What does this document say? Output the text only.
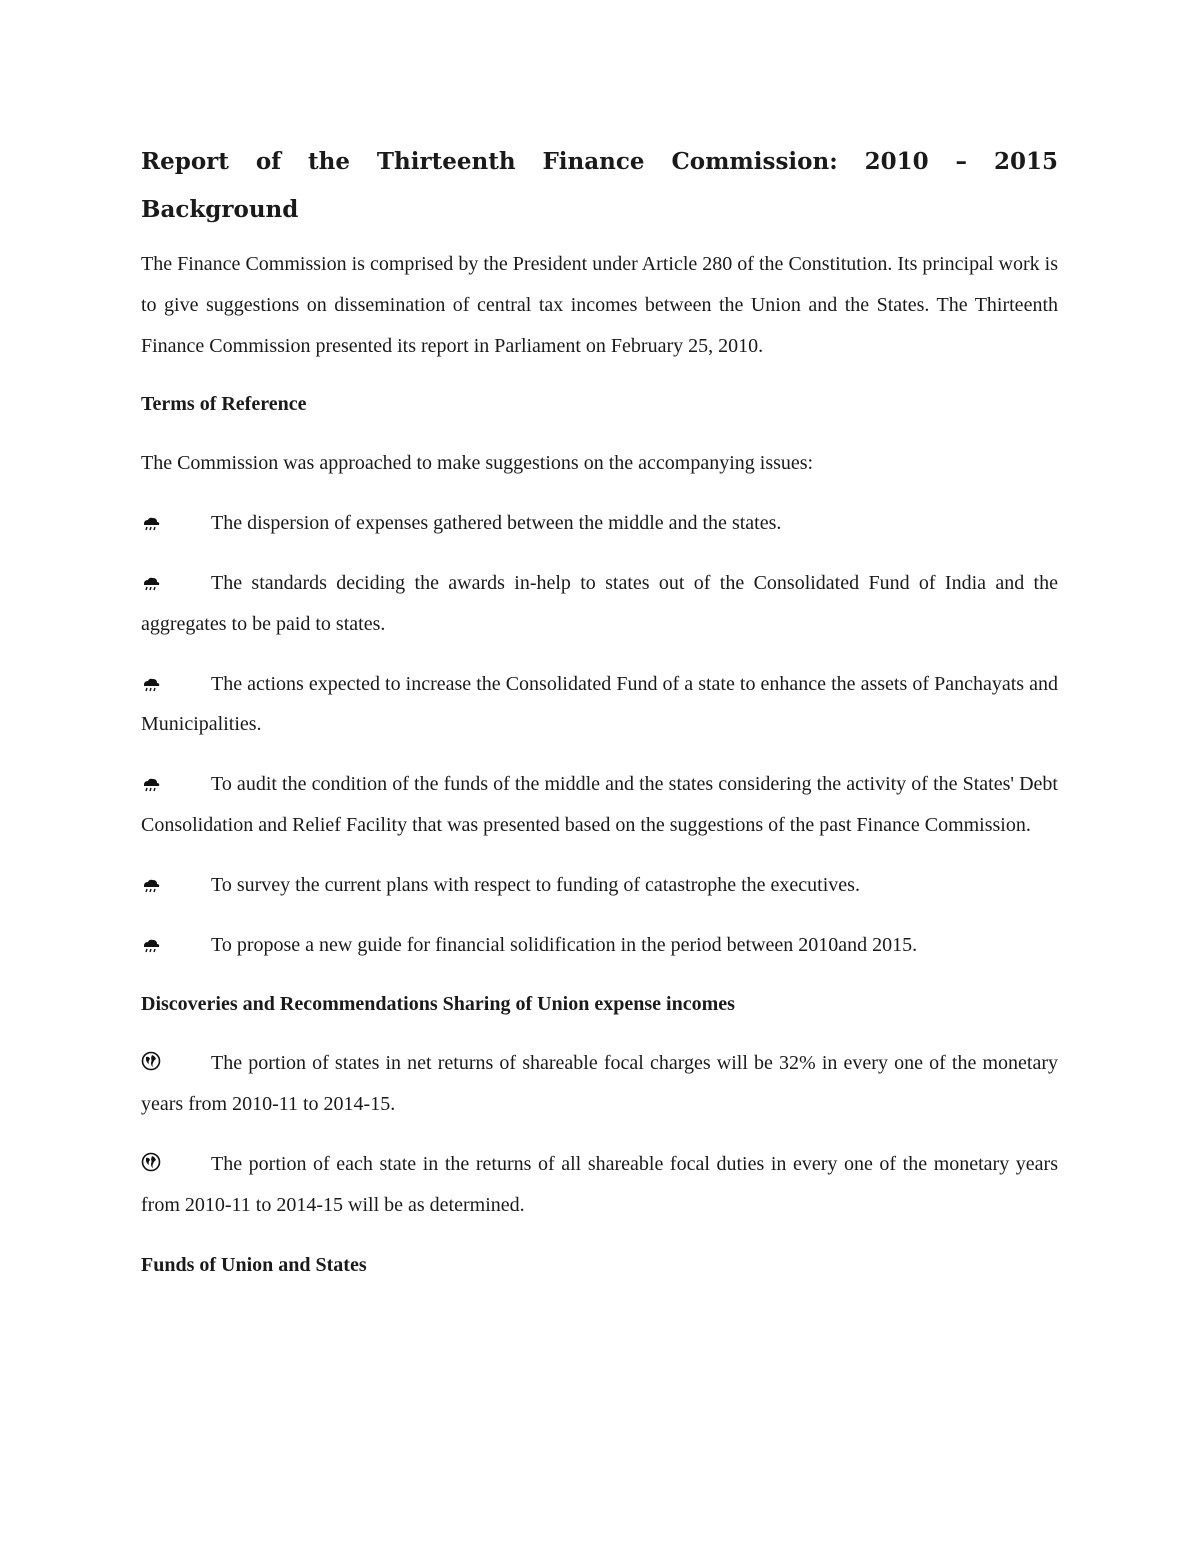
Report of the Thirteenth Finance Commission: 2010 – 2015
Background

The Finance Commission is comprised by the President under Article 280 of the Constitution. Its principal work is to give suggestions on dissemination of central tax incomes between the Union and the States. The Thirteenth Finance Commission presented its report in Parliament on February 25, 2010.

Terms of Reference

The Commission was approached to make suggestions on the accompanying issues:

The dispersion of expenses gathered between the middle and the states.

The standards deciding the awards in-help to states out of the Consolidated Fund of India and the aggregates to be paid to states.

The actions expected to increase the Consolidated Fund of a state to enhance the assets of Panchayats and Municipalities.

To audit the condition of the funds of the middle and the states considering the activity of the States' Debt Consolidation and Relief Facility that was presented based on the suggestions of the past Finance Commission.

To survey the current plans with respect to funding of catastrophe the executives.

To propose a new guide for financial solidification in the period between 2010and 2015.

Discoveries and Recommendations Sharing of Union expense incomes

The portion of states in net returns of shareable focal charges will be 32% in every one of the monetary years from 2010-11 to 2014-15.

The portion of each state in the returns of all shareable focal duties in every one of the monetary years from 2010-11 to 2014-15 will be as determined.

Funds of Union and States
